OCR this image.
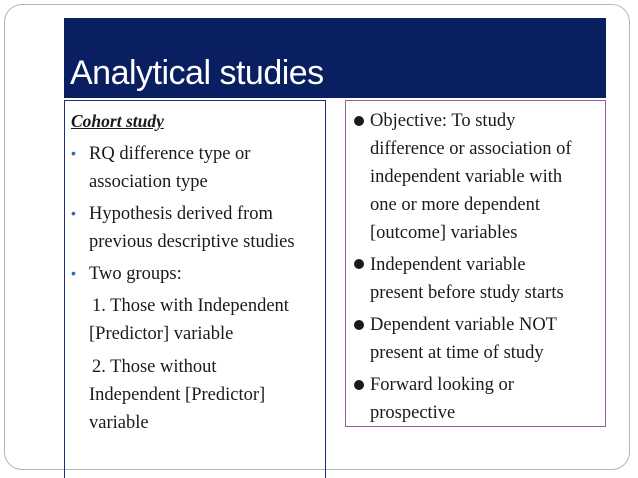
Analytical studies
Cohort study
• RQ difference type or
association type
• Hypothesis derived from
previous descriptive studies
• Two groups:
1. Those with Independent
[Predictor] variable
2. Those without
Independent [Predictor]
variable
Objective: To study
difference or association of
independent variable with
one or more dependent
[outcome] variables
Independent variable
present before study starts
Dependent variable NOT
present at time of study
Forward looking or
prospective
